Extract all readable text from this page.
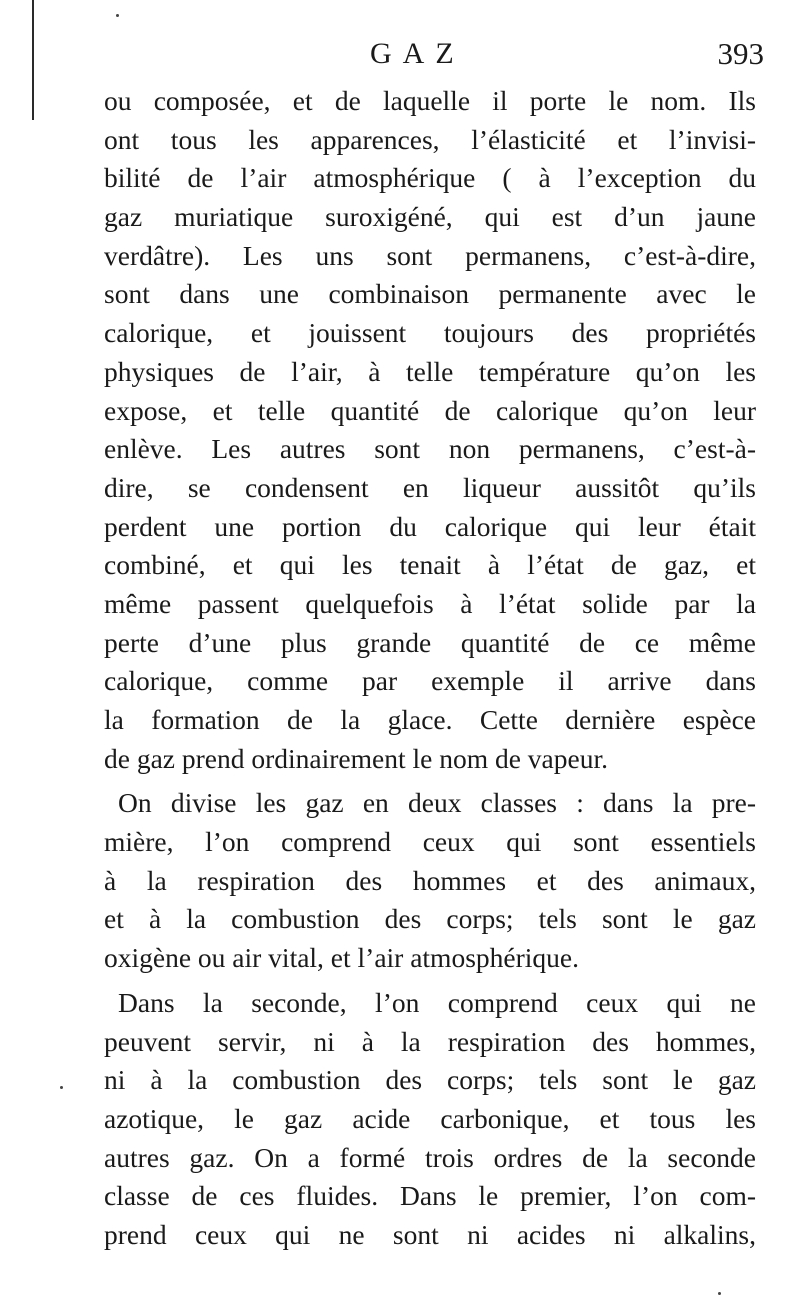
GAZ	393
ou composée, et de laquelle il porte le nom. Ils
ont tous les apparences, l’élasticité et l’invisi-
bilité de l’air atmosphérique ( à l’exception du
gaz muriatique suroxigéné, qui est d’un jaune
verdâtre). Les uns sont permanens, c’est-à-dire,
sont dans une combinaison permanente avec le
calorique, et jouissent toujours des propriétés
physiques de l’air, à telle température qu’on les
expose, et telle quantité de calorique qu’on leur
enlève. Les autres sont non permanens, c’est-à-
dire, se condensent en liqueur aussitôt qu’ils
perdent une portion du calorique qui leur était
combiné, et qui les tenait à l’état de gaz, et
même passent quelquefois à l’état solide par la
perte d’une plus grande quantité de ce même
calorique, comme par exemple il arrive dans
la formation de la glace. Cette dernière espèce
de gaz prend ordinairement le nom de vapeur.
On divise les gaz en deux classes : dans la pre-
mière, l’on comprend ceux qui sont essentiels
à la respiration des hommes et des animaux,
et à la combustion des corps; tels sont le gaz
oxigène ou air vital, et l’air atmosphérique.
Dans la seconde, l’on comprend ceux qui ne
peuvent servir, ni à la respiration des hommes,
ni à la combustion des corps; tels sont le gaz
azotique, le gaz acide carbonique, et tous les
autres gaz. On a formé trois ordres de la seconde
classe de ces fluides. Dans le premier, l’on com-
prend ceux qui ne sont ni acides ni alkalins,
